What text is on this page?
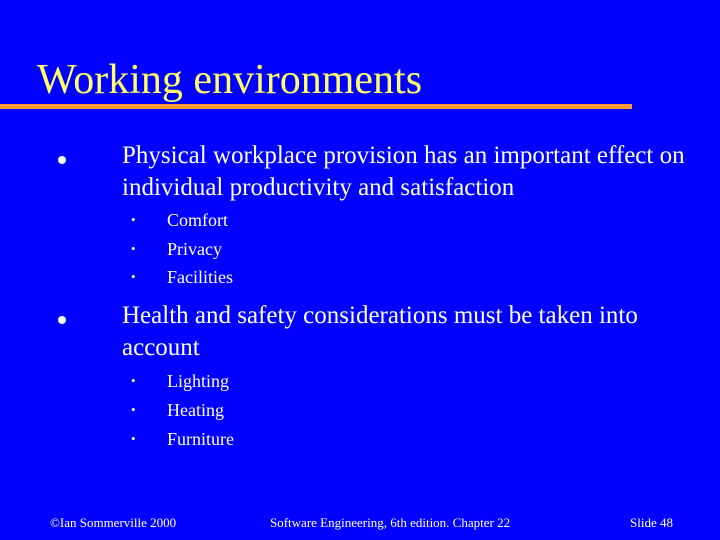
Working environments
Physical workplace provision has an important effect on individual productivity and satisfaction
• Comfort
• Privacy
• Facilities
Health and safety considerations must be taken into account
• Lighting
• Heating
• Furniture
©Ian Sommerville 2000	Software Engineering, 6th edition. Chapter 22	Slide 48
